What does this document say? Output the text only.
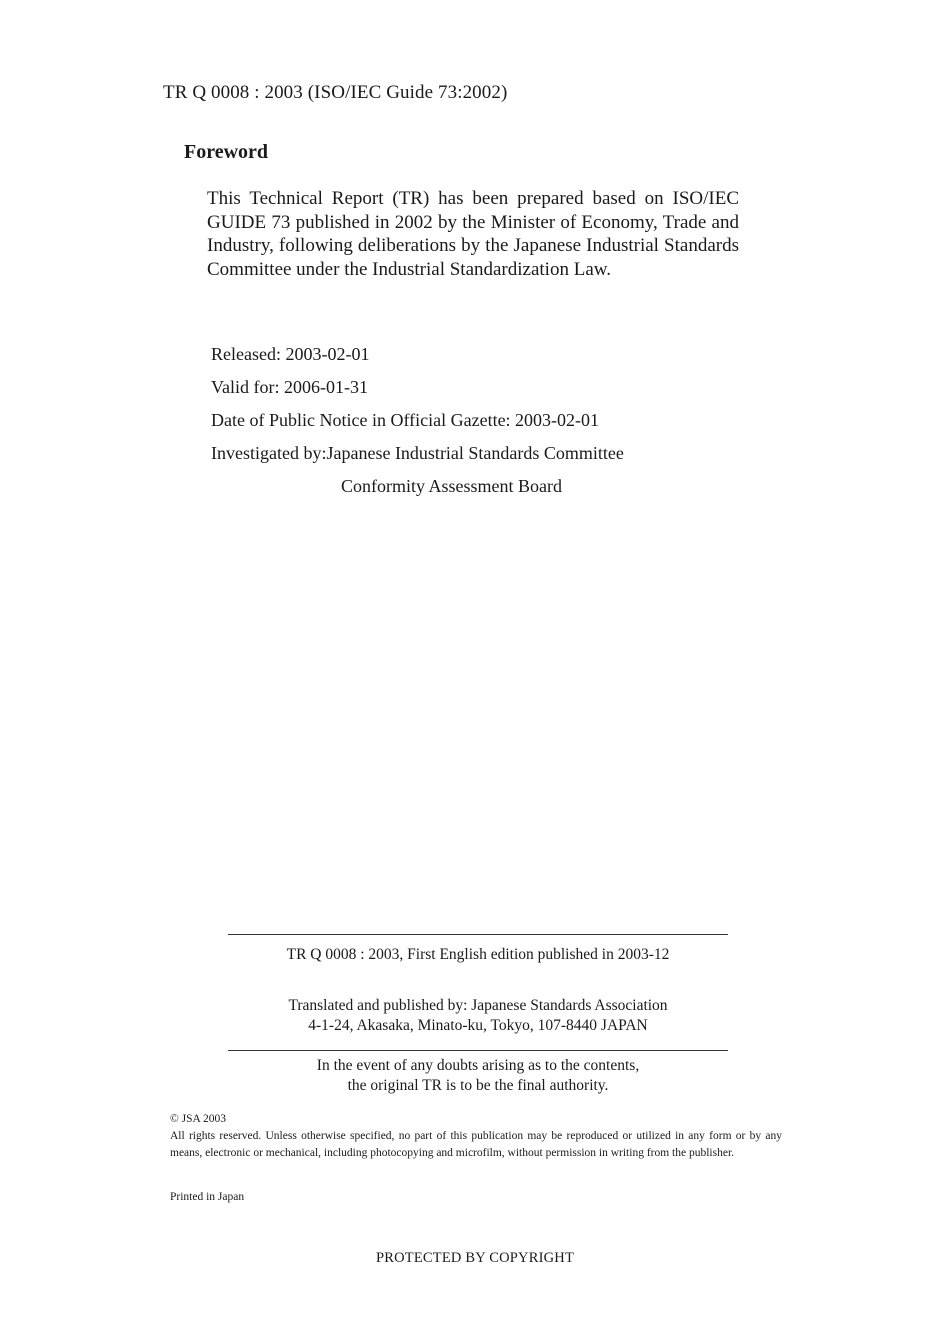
TR Q 0008 : 2003 (ISO/IEC Guide 73:2002)
Foreword
This Technical Report (TR) has been prepared based on ISO/IEC GUIDE 73 published in 2002 by the Minister of Economy, Trade and Industry, following deliberations by the Japanese Industrial Standards Committee under the Industrial Standardization Law.
Released: 2003-02-01
Valid for: 2006-01-31
Date of Public Notice in Official Gazette: 2003-02-01
Investigated by:Japanese Industrial Standards Committee
Conformity Assessment Board
TR Q 0008 : 2003, First English edition published in 2003-12
Translated and published by: Japanese Standards Association
4-1-24, Akasaka, Minato-ku, Tokyo, 107-8440 JAPAN
In the event of any doubts arising as to the contents,
the original TR is to be the final authority.
© JSA 2003
All rights reserved. Unless otherwise specified, no part of this publication may be reproduced or utilized in any form or by any means, electronic or mechanical, including photocopying and microfilm, without permission in writing from the publisher.
Printed in Japan
PROTECTED BY COPYRIGHT
